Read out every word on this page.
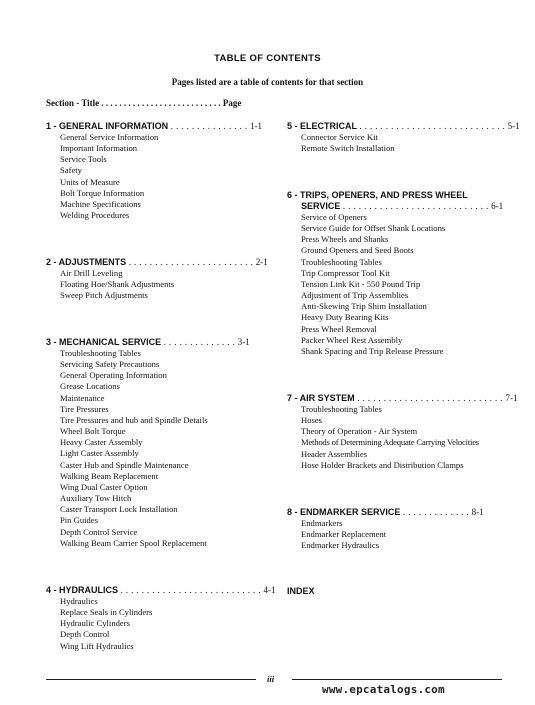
TABLE OF CONTENTS
Pages listed are a table of contents for that section
Section - Title . . . . . . . . . . . . . . . . . . . . . . . . . . . Page
1 - GENERAL INFORMATION . . . . . . . . . . . . . . . 1-1
General Service Information
Important Information
Service Tools
Safety
Units of Measure
Bolt Torque Information
Machine Specifications
Welding Procedures
2 - ADJUSTMENTS . . . . . . . . . . . . . . . . . . . . . . . . 2-1
Air Drill Leveling
Floating Hoe/Shank Adjustments
Sweep Pitch Adjustments
3 - MECHANICAL SERVICE . . . . . . . . . . . . . . 3-1
Troubleshooting Tables
Servicing Safety Precautions
General Operating Information
Grease Locations
Maintenance
Tire Pressures
Tire Pressures and hub and Spindle Details
Wheel Bolt Torque
Heavy Caster Assembly
Light Caster Assembly
Caster Hub and Spindle Maintenance
Walking Beam Replacement
Wing Dual Caster Option
Auxiliary Tow Hitch
Caster Transport Lock Installation
Pin Guides
Depth Control Service
Walking Beam Carrier Spool Replacement
4 - HYDRAULICS . . . . . . . . . . . . . . . . . . . . . . . . . . . 4-1
Hydraulics
Replace Seals in Cylinders
Hydraulic Cylinders
Depth Control
Wing Lift Hydraulics
5 - ELECTRICAL . . . . . . . . . . . . . . . . . . . . . . . . . . . . 5-1
Connector Service Kit
Remote Switch Installation
6 - TRIPS, OPENERS, AND PRESS WHEEL
SERVICE . . . . . . . . . . . . . . . . . . . . . . . . . . . . 6-1
Service of Openers
Service Guide for Offset Shank Locations
Press Wheels and Shanks
Ground Openers and Seed Boots
Troubleshooting Tables
Trip Compressor Tool Kit
Tension Link Kit - 550 Pound Trip
Adjustment of Trip Assemblies
Anti-Skewing Trip Shim Installation
Heavy Duty Bearing Kits
Press Wheel Removal
Packer Wheel Rest Assembly
Shank Spacing and Trip Release Pressure
7 - AIR SYSTEM . . . . . . . . . . . . . . . . . . . . . . . . . . . . 7-1
Troubleshooting Tables
Hoses
Theory of Operation - Air System
Methods of Determining Adequate Carrying Velocities
Header Assemblies
Hose Holder Brackets and Distribution Clamps
8 - ENDMARKER SERVICE . . . . . . . . . . . . . 8-1
Endmarkers
Endmarker Replacement
Endmarker Hydraulics
INDEX
iii
www.epcatalogs.com
